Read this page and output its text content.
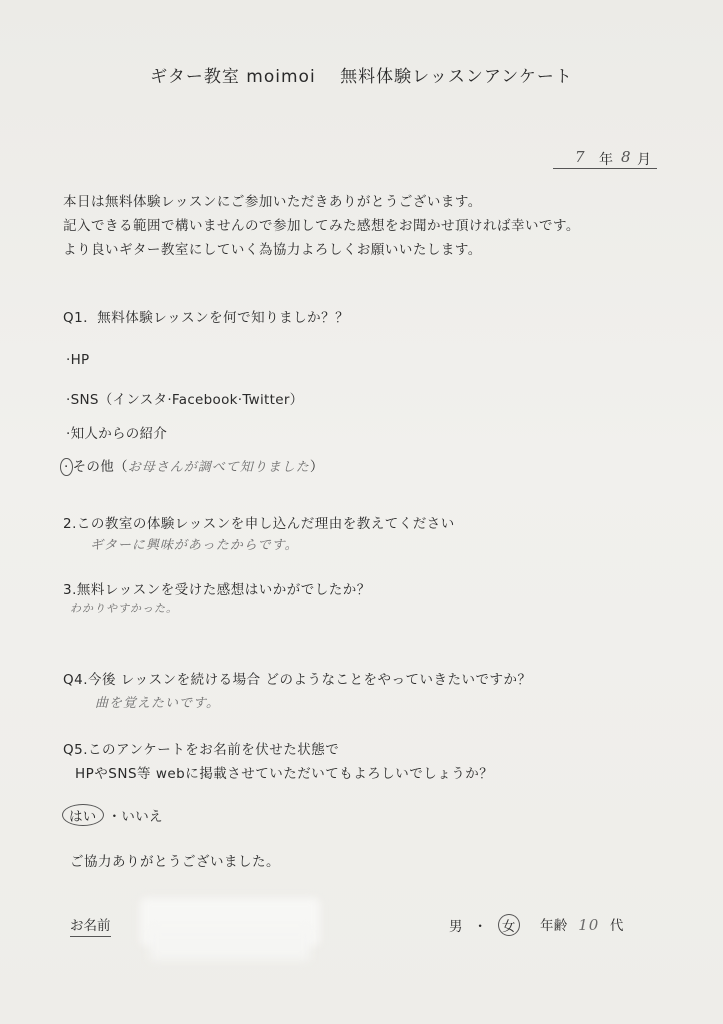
ギター教室 moimoi　 無料体験レッスンアンケート
7 年 8 月
本日は無料体験レッスンにご参加いただきありがとうございます。
記入できる範囲で構いませんので参加してみた感想をお聞かせ頂ければ幸いです。
より良いギター教室にしていく為協力よろしくお願いいたします。
Q1．無料体験レッスンを何で知りましか？？
·HP
·SNS（インスタ·Facebook·Twitter）
·知人からの紹介
· その他（お母さんが調べて知りました）
2.この教室の体験レッスンを申し込んだ理由を教えてください
ギターに興味があったからです。
3.無料レッスンを受けた感想はいかがでしたか？
わかりやすかった。
Q4.今後 レッスンを続ける場合 どのようなことをやっていきたいですか？
曲を覚えたいです。
Q5.このアンケートをお名前を伏せた状態で
HPやSNS等 webに掲載させていただいてもよろしいでしょうか？
はい ・いいえ
ご協力ありがとうございました。
お名前	男 ・ 女 年齢 10 代
